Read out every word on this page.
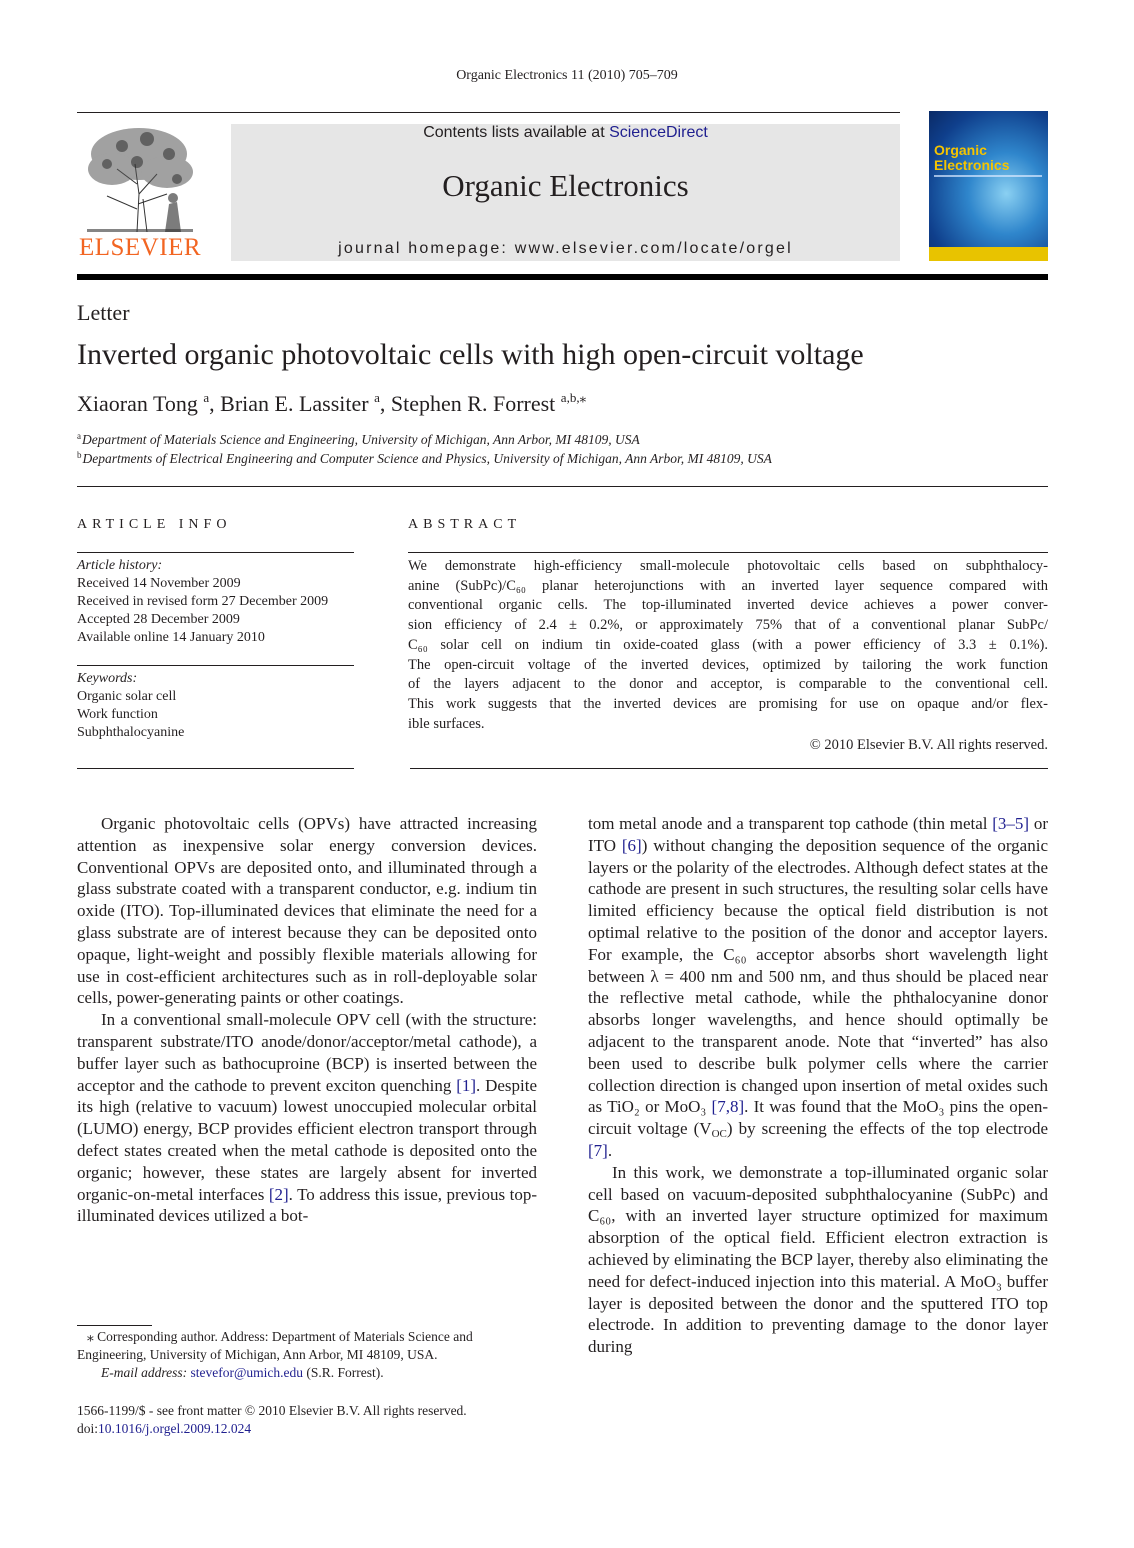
Organic Electronics 11 (2010) 705–709
ELSEVIER
Contents lists available at ScienceDirect
Organic Electronics
journal homepage: www.elsevier.com/locate/orgel
Organic
Electronics
Letter
Inverted organic photovoltaic cells with high open-circuit voltage
Xiaoran Tong $^a$, Brian E. Lassiter $^a$, Stephen R. Forrest $^{a,b,⁎}$
$^a$Department of Materials Science and Engineering, University of Michigan, Ann Arbor, MI 48109, USA
$^b$Departments of Electrical Engineering and Computer Science and Physics, University of Michigan, Ann Arbor, MI 48109, USA
ARTICLE INFO
Article history:
Received 14 November 2009
Received in revised form 27 December 2009
Accepted 28 December 2009
Available online 14 January 2010
Keywords:
Organic solar cell
Work function
Subphthalocyanine
ABSTRACT
We demonstrate high-efficiency small-molecule photovoltaic cells based on subphthalocy-
anine (SubPc)/C₆₀ planar heterojunctions with an inverted layer sequence compared with
conventional organic cells. The top-illuminated inverted device achieves a power conver-
sion efficiency of 2.4 ± 0.2%, or approximately 75% that of a conventional planar SubPc/
C₆₀ solar cell on indium tin oxide-coated glass (with a power efficiency of 3.3 ± 0.1%).
The open-circuit voltage of the inverted devices, optimized by tailoring the work function
of the layers adjacent to the donor and acceptor, is comparable to the conventional cell.
This work suggests that the inverted devices are promising for use on opaque and/or flex-
ible surfaces.
© 2010 Elsevier B.V. All rights reserved.

Organic photovoltaic cells (OPVs) have attracted increasing attention as inexpensive solar energy conversion devices. Conventional OPVs are deposited onto, and illuminated through a glass substrate coated with a transparent conductor, e.g. indium tin oxide (ITO). Top-illuminated devices that eliminate the need for a glass substrate are of interest because they can be deposited onto opaque, light-weight and possibly flexible materials allowing for use in cost-efficient architectures such as in roll-deployable solar cells, power-generating paints or other coatings.

In a conventional small-molecule OPV cell (with the structure: transparent substrate/ITO anode/donor/acceptor/metal cathode), a buffer layer such as bathocuproine (BCP) is inserted between the acceptor and the cathode to prevent exciton quenching [1]. Despite its high (relative to vacuum) lowest unoccupied molecular orbital (LUMO) energy, BCP provides efficient electron transport through defect states created when the metal cathode is deposited onto the organic; however, these states are largely absent for inverted organic-on-metal interfaces [2]. To address this issue, previous top-illuminated devices utilized a bot-

tom metal anode and a transparent top cathode (thin metal [3–5] or ITO [6]) without changing the deposition sequence of the organic layers or the polarity of the electrodes. Although defect states at the cathode are present in such structures, the resulting solar cells have limited efficiency because the optical field distribution is not optimal relative to the position of the donor and acceptor layers. For example, the C₆₀ acceptor absorbs short wavelength light between λ = 400 nm and 500 nm, and thus should be placed near the reflective metal cathode, while the phthalocyanine donor absorbs longer wavelengths, and hence should optimally be adjacent to the transparent anode. Note that “inverted” has also been used to describe bulk polymer cells where the carrier collection direction is changed upon insertion of metal oxides such as TiO₂ or MoO₃ [7,8]. It was found that the MoO₃ pins the open-circuit voltage $(V_{OC})$ by screening the effects of the top electrode [7].

In this work, we demonstrate a top-illuminated organic solar cell based on vacuum-deposited subphthalocyanine (SubPc) and C₆₀, with an inverted layer structure optimized for maximum absorption of the optical field. Efficient electron extraction is achieved by eliminating the BCP layer, thereby also eliminating the need for defect-induced injection into this material. A MoO₃ buffer layer is deposited between the donor and the sputtered ITO top electrode. In addition to preventing damage to the donor layer during

⁎ Corresponding author. Address: Department of Materials Science and Engineering, University of Michigan, Ann Arbor, MI 48109, USA.
E-mail address: stevefor@umich.edu (S.R. Forrest).
1566-1199/$ - see front matter © 2010 Elsevier B.V. All rights reserved.
doi:10.1016/j.orgel.2009.12.024
